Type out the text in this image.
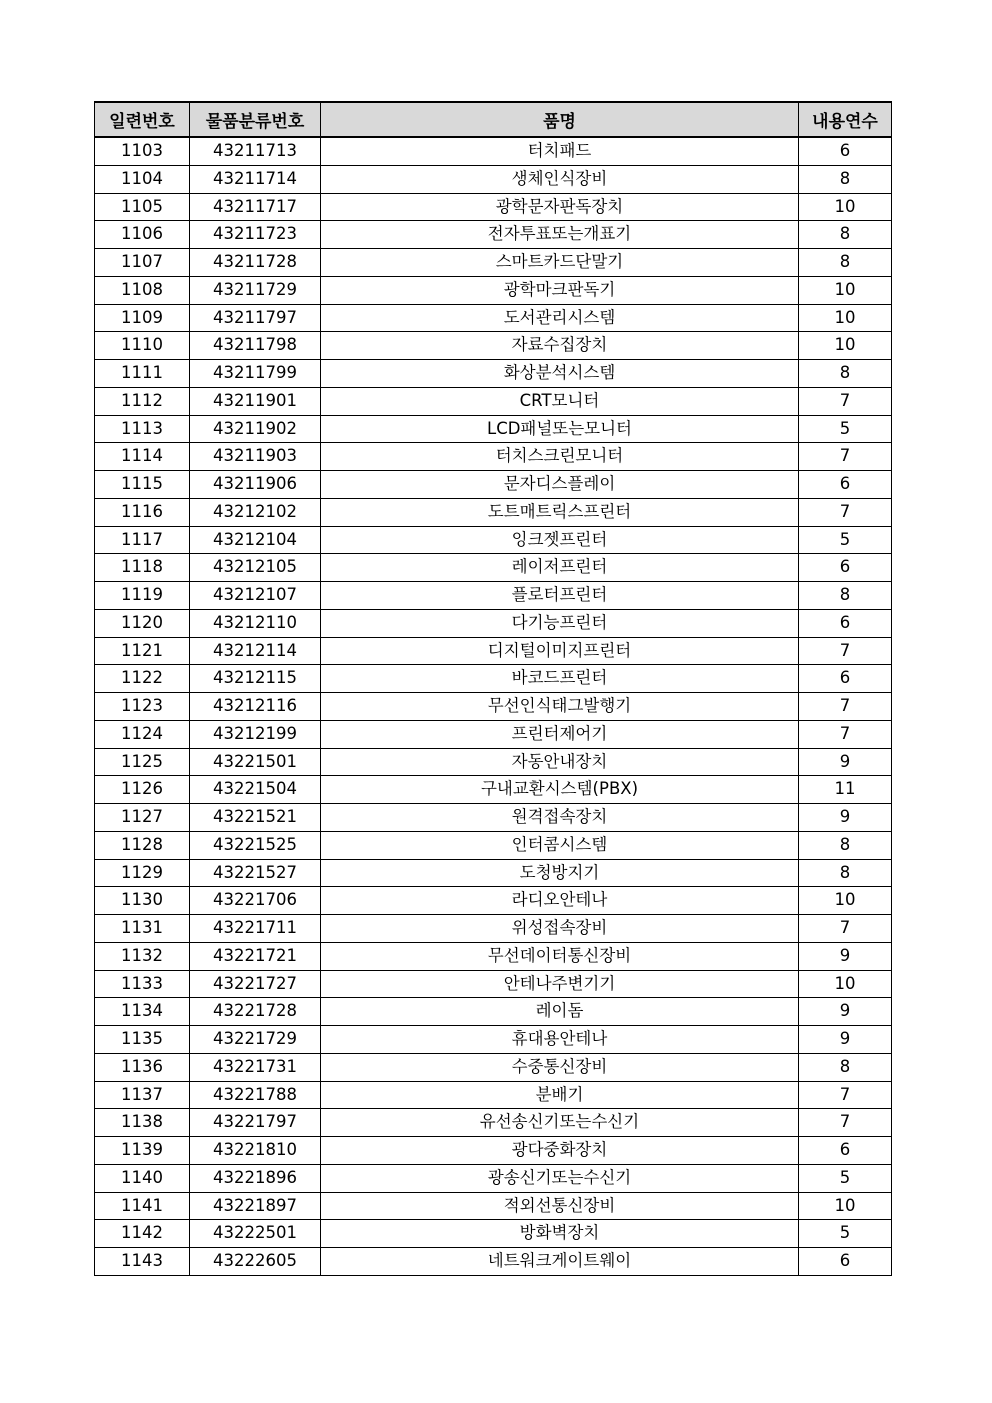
일련번호	물품분류번호	품명	내용연수
1103	43211713	터치패드	6
1104	43211714	생체인식장비	8
1105	43211717	광학문자판독장치	10
1106	43211723	전자투표또는개표기	8
1107	43211728	스마트카드단말기	8
1108	43211729	광학마크판독기	10
1109	43211797	도서관리시스템	10
1110	43211798	자료수집장치	10
1111	43211799	화상분석시스템	8
1112	43211901	CRT모니터	7
1113	43211902	LCD패널또는모니터	5
1114	43211903	터치스크린모니터	7
1115	43211906	문자디스플레이	6
1116	43212102	도트매트릭스프린터	7
1117	43212104	잉크젯프린터	5
1118	43212105	레이저프린터	6
1119	43212107	플로터프린터	8
1120	43212110	다기능프린터	6
1121	43212114	디지털이미지프린터	7
1122	43212115	바코드프린터	6
1123	43212116	무선인식태그발행기	7
1124	43212199	프린터제어기	7
1125	43221501	자동안내장치	9
1126	43221504	구내교환시스템(PBX)	11
1127	43221521	원격접속장치	9
1128	43221525	인터콤시스템	8
1129	43221527	도청방지기	8
1130	43221706	라디오안테나	10
1131	43221711	위성접속장비	7
1132	43221721	무선데이터통신장비	9
1133	43221727	안테나주변기기	10
1134	43221728	레이돔	9
1135	43221729	휴대용안테나	9
1136	43221731	수중통신장비	8
1137	43221788	분배기	7
1138	43221797	유선송신기또는수신기	7
1139	43221810	광다중화장치	6
1140	43221896	광송신기또는수신기	5
1141	43221897	적외선통신장비	10
1142	43222501	방화벽장치	5
1143	43222605	네트워크게이트웨이	6
